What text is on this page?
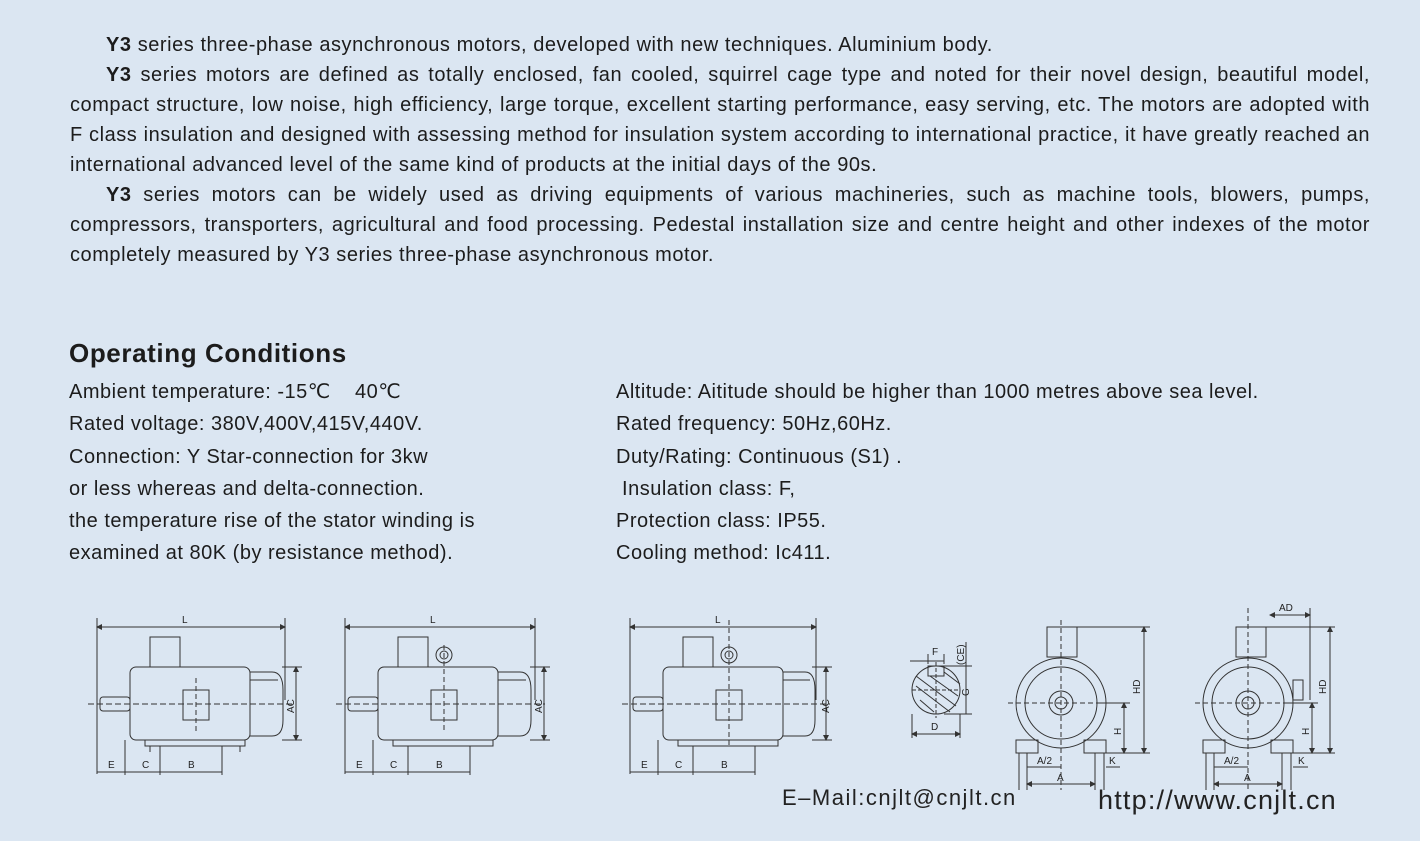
Y3 series three-phase asynchronous motors, developed with new techniques. Aluminium body.

Y3 series motors are defined as totally enclosed, fan cooled, squirrel cage type and noted for their novel design, beautiful model, compact structure, low noise, high efficiency, large torque, excellent starting performance, easy serving, etc. The motors are adopted with F class insulation and designed with assessing method for insulation system according to international practice, it have greatly reached an international advanced level of the same kind of products at the initial days of the 90s.

Y3 series motors can be widely used as driving equipments of various machineries, such as machine tools, blowers, pumps, compressors, transporters, agricultural and food processing. Pedestal installation size and centre height and other indexes of the motor completely measured by Y3 series three-phase asynchronous motor.

Operating Conditions
Ambient temperature: -15℃    40℃
Rated voltage: 380V,400V,415V,440V.
Connection: Y Star-connection for 3kw
or less whereas and delta-connection.
the temperature rise of the stator winding is
examined at 80K (by resistance method).
Altitude: Aititude should be higher than 1000 metres above sea level.
Rated frequency: 50Hz,60Hz.
Duty/Rating: Continuous (S1) .
Insulation class: F,
Protection class: IP55.
Cooling method: Ic411.
L
AC
E	C	B
L
AC
E	C	B
L
AC
E	C	B
F (CE)
G
D
HD
H
A/2	K
A
AD
HD
H
A/2	K
A
E–Mail:cnjlt@cnjlt.cn	http://www.cnjlt.cn
